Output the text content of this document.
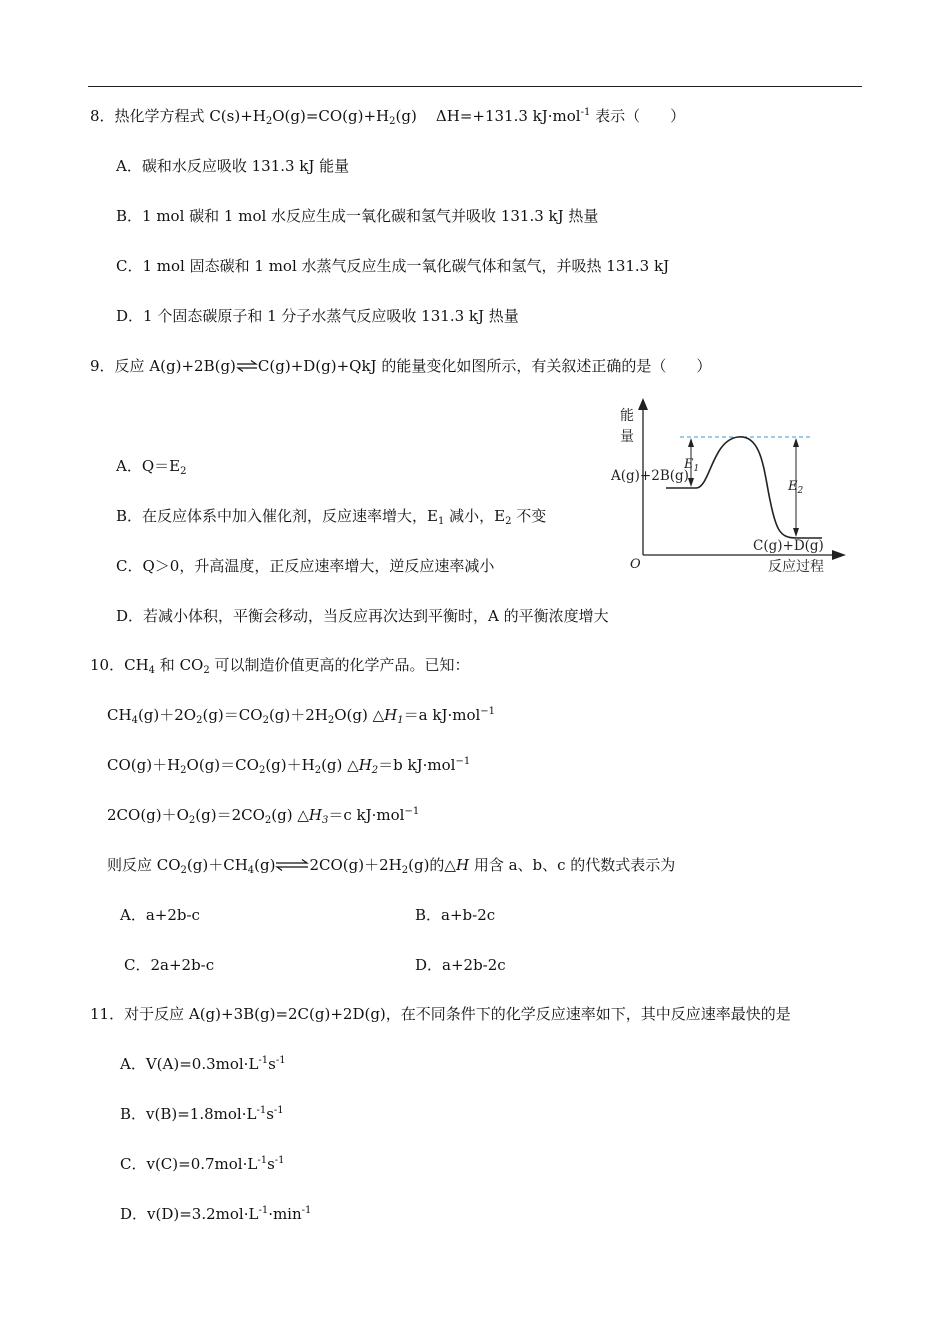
8．热化学方程式 $C(s)+H_2O(g)=CO(g)+H_2(g)$ ΔH=+131.3 kJ·mol$^{-1}$ 表示（　　）
A．碳和水反应吸收 131.3 kJ 能量
B．1 mol 碳和 1 mol 水反应生成一氧化碳和氢气并吸收 131.3 kJ 热量
C．1 mol 固态碳和 1 mol 水蒸气反应生成一氧化碳气体和氢气，并吸热 131.3 kJ
D．1 个固态碳原子和 1 分子水蒸气反应吸收 131.3 kJ 热量
9．反应 A(g)+2B(g)⇌C(g)+D(g)+QkJ 的能量变化如图所示，有关叙述正确的是（　　）
A．$Q=E_2$
B．在反应体系中加入催化剂，反应速率增大，$E_1$ 减小，$E_2$ 不变
C．Q＞0，升高温度，正反应速率增大，逆反应速率减小
D．若减小体积，平衡会移动，当反应再次达到平衡时，A 的平衡浓度增大
能
量
$E_1$
$E_2$
A(g)+2B(g)
C(g)+D(g)
O	反应过程
10．$CH_4$ 和 $CO_2$ 可以制造价值更高的化学产品。已知：
$CH_4(g)+2O_2(g)=CO_2(g)+2H_2O(g)$ $\triangle H_1=a$ kJ·mol$^{-1}$
$CO(g)+H_2O(g)=CO_2(g)+H_2(g)$ $\triangle H_2=b$ kJ·mol$^{-1}$
$2CO(g)+O_2(g)=2CO_2(g)$ $\triangle H_3=c$ kJ·mol$^{-1}$
则反应 $CO_2(g)+CH_4(g)\rightleftharpoons 2CO(g)+2H_2(g)$的△H 用含 a、b、c 的代数式表示为
A．a+2b-c	B．a+b-2c
C．2a+2b-c	D．a+2b-2c
11．对于反应 A(g)+3B(g)=2C(g)+2D(g)，在不同条件下的化学反应速率如下，其中反应速率最快的是
A．$V(A)=0.3mol\cdot L^{-1}s^{-1}$
B．$v(B)=1.8mol\cdot L^{-1}s^{-1}$
C．$v(C)=0.7mol\cdot L^{-1}s^{-1}$
D．$v(D)=3.2mol\cdot L^{-1}\cdot\min^{-1}$
